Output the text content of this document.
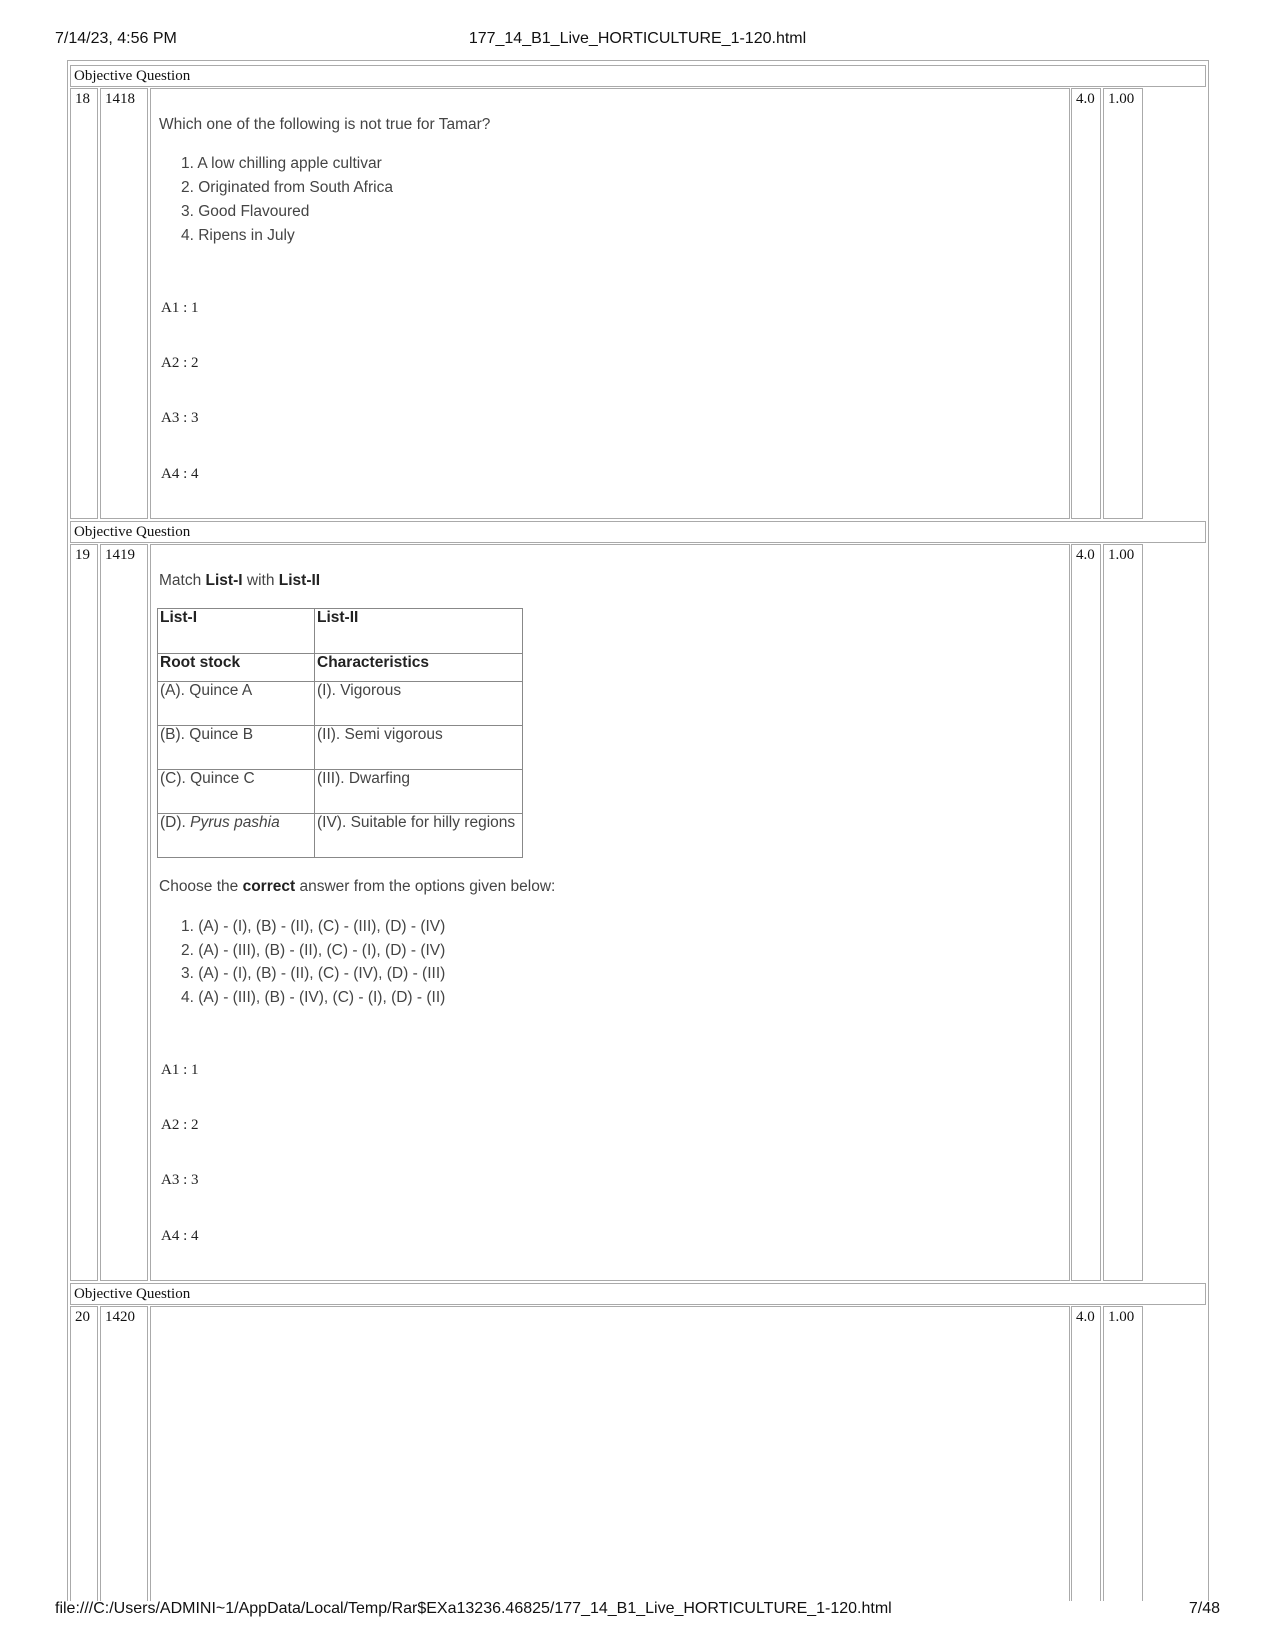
7/14/23, 4:56 PM	177_14_B1_Live_HORTICULTURE_1-120.html
Objective Question
18	1418
Which one of the following is not true for Tamar?
1. A low chilling apple cultivar
2. Originated from South Africa
3. Good Flavoured
4. Ripens in July
A1 : 1
A2 : 2
A3 : 3
A4 : 4
4.0 1.00
Objective Question
19	1419
Match List-I with List-II
List-I	List-II
Root stock	Characteristics
(A). Quince A	(I). Vigorous
(B). Quince B	(II). Semi vigorous
(C). Quince C	(III). Dwarfing
(D). Pyrus pashia	(IV). Suitable for hilly regions
Choose the correct answer from the options given below:
1. (A) - (I), (B) - (II), (C) - (III), (D) - (IV)
2. (A) - (III), (B) - (II), (C) - (I), (D) - (IV)
3. (A) - (I), (B) - (II), (C) - (IV), (D) - (III)
4. (A) - (III), (B) - (IV), (C) - (I), (D) - (II)
A1 : 1
A2 : 2
A3 : 3
A4 : 4
4.0 1.00
Objective Question
20	1420	4.0 1.00
file:///C:/Users/ADMINI~1/AppData/Local/Temp/Rar$EXa13236.46825/177_14_B1_Live_HORTICULTURE_1-120.html	7/48
